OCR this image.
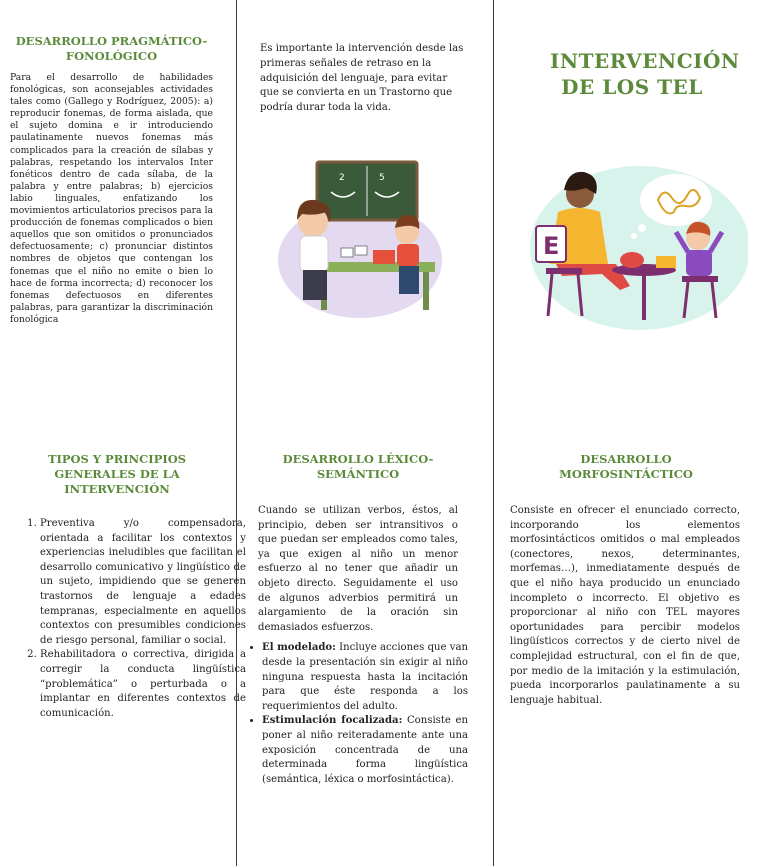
DESARROLLO PRAGMÁTICO-FONOLÓGICO

Para el desarrollo de habilidades fonológicas, son aconsejables actividades tales como (Gallego y Rodríguez, 2005): a) reproducir fonemas, de forma aislada, que el sujeto domina e ir introduciendo paulatinamente nuevos fonemas más complicados para la creación de sílabas y palabras, respetando los intervalos Inter fonéticos dentro de cada sílaba, de la palabra y entre palabras; b) ejercicios labio linguales, enfatizando los movimientos articulatorios precisos para la producción de fonemas complicados o bien aquellos que son omitidos o pronunciados defectuosamente; c) pronunciar distintos nombres de objetos que contengan los fonemas que el niño no emite o bien lo hace de forma incorrecta; d) reconocer los fonemas defectuosos en diferentes palabras, para garantizar la discriminación fonológica

Es importante la intervención desde las primeras señales de retraso en la adquisición del lenguaje, para evitar que se convierta en un Trastorno que podría durar toda la vida.

2	5
INTERVENCIÓN DE LOS TEL
E
TIPOS Y PRINCIPIOS GENERALES DE LA INTERVENCIÓN
1. Preventiva y/o compensadora, orientada a facilitar los contextos y experiencias ineludibles que facilitan el desarrollo comunicativo y lingüístico de un sujeto, impidiendo que se generen trastornos de lenguaje a edades tempranas, especialmente en aquellos contextos con presumibles condiciones de riesgo personal, familiar o social.
2. Rehabilitadora o correctiva, dirigida a corregir la conducta lingüística “problemática” o perturbada o a implantar en diferentes contextos de comunicación.
DESARROLLO LÉXICO-SEMÁNTICO

Cuando se utilizan verbos, éstos, al principio, deben ser intransitivos o que puedan ser empleados como tales, ya que exigen al niño un menor esfuerzo al no tener que añadir un objeto directo. Seguidamente el uso de algunos adverbios permitirá un alargamiento de la oración sin demasiados esfuerzos.

• El modelado: Incluye acciones que van desde la presentación sin exigir al niño ninguna respuesta hasta la incitación para que éste responda a los requerimientos del adulto.
• Estimulación focalizada: Consiste en poner al niño reiteradamente ante una exposición concentrada de una determinada forma lingüística (semántica, léxica o morfosintáctica).
DESARROLLO MORFOSINTÁCTICO

Consiste en ofrecer el enunciado correcto, incorporando los elementos morfosintácticos omitidos o mal empleados (conectores, nexos, determinantes, morfemas…), inmediatamente después de que el niño haya producido un enunciado incompleto o incorrecto. El objetivo es proporcionar al niño con TEL mayores oportunidades para percibir modelos lingüísticos correctos y de cierto nivel de complejidad estructural, con el fin de que, por medio de la imitación y la estimulación, pueda incorporarlos paulatinamente a su lenguaje habitual.
